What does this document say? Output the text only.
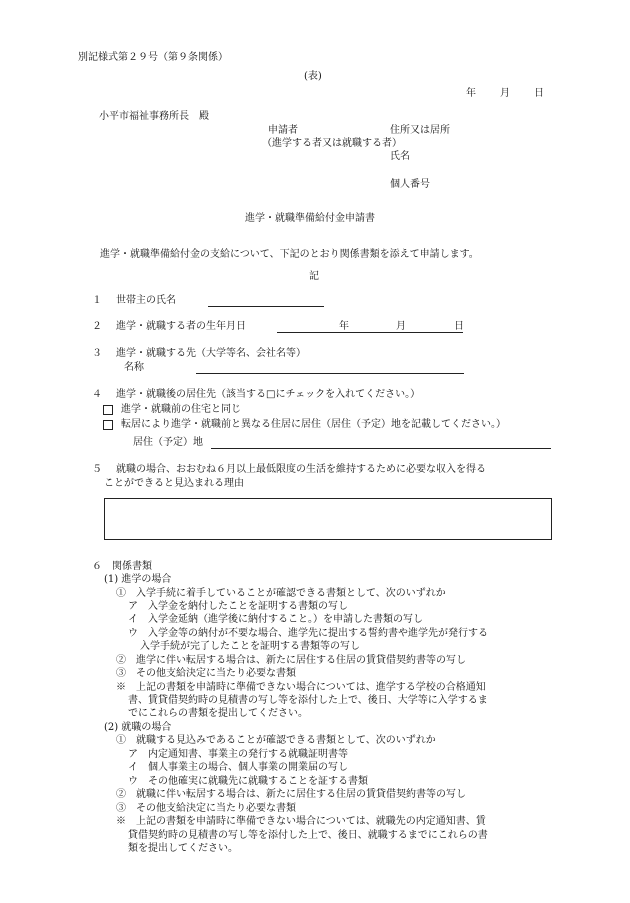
別記様式第２９号（第９条関係）
(表)
年 月 日
小平市福祉事務所長　殿
申請者	住所又は居所
（進学する者又は就職する者）
氏名
個人番号
進学・就職準備給付金申請書
進学・就職準備給付金の支給について、下記のとおり関係書類を添えて申請します。
記
１ 世帯主の氏名
２ 進学・就職する者の生年月日	年	月	日
３ 進学・就職する先（大学等名、会社名等）
名称
４ 進学・就職後の居住先（該当する□にチェックを入れてください。）
進学・就職前の住宅と同じ
転居により進学・就職前と異なる住居に居住（居住（予定）地を記載してください。）
居住（予定）地
５ 就職の場合、おおむね６月以上最低限度の生活を維持するために必要な収入を得る
ことができると見込まれる理由
６　関係書類
(1) 進学の場合
①　入学手続に着手していることが確認できる書類として、次のいずれか
ア　入学金を納付したことを証明する書類の写し
イ　入学金延納（進学後に納付すること。）を申請した書類の写し
ウ　入学金等の納付が不要な場合、進学先に提出する誓約書や進学先が発行する
入学手続が完了したことを証明する書類等の写し
②　進学に伴い転居する場合は、新たに居住する住居の賃貸借契約書等の写し
③　その他支給決定に当たり必要な書類
※　上記の書類を申請時に準備できない場合については、進学する学校の合格通知
書、賃貸借契約時の見積書の写し等を添付した上で、後日、大学等に入学するま
でにこれらの書類を提出してください。
(2) 就職の場合
①　就職する見込みであることが確認できる書類として、次のいずれか
ア　内定通知書、事業主の発行する就職証明書等
イ　個人事業主の場合、個人事業の開業届の写し
ウ　その他確実に就職先に就職することを証する書類
②　就職に伴い転居する場合は、新たに居住する住居の賃貸借契約書等の写し
③　その他支給決定に当たり必要な書類
※　上記の書類を申請時に準備できない場合については、就職先の内定通知書、賃
貸借契約時の見積書の写し等を添付した上で、後日、就職するまでにこれらの書
類を提出してください。
